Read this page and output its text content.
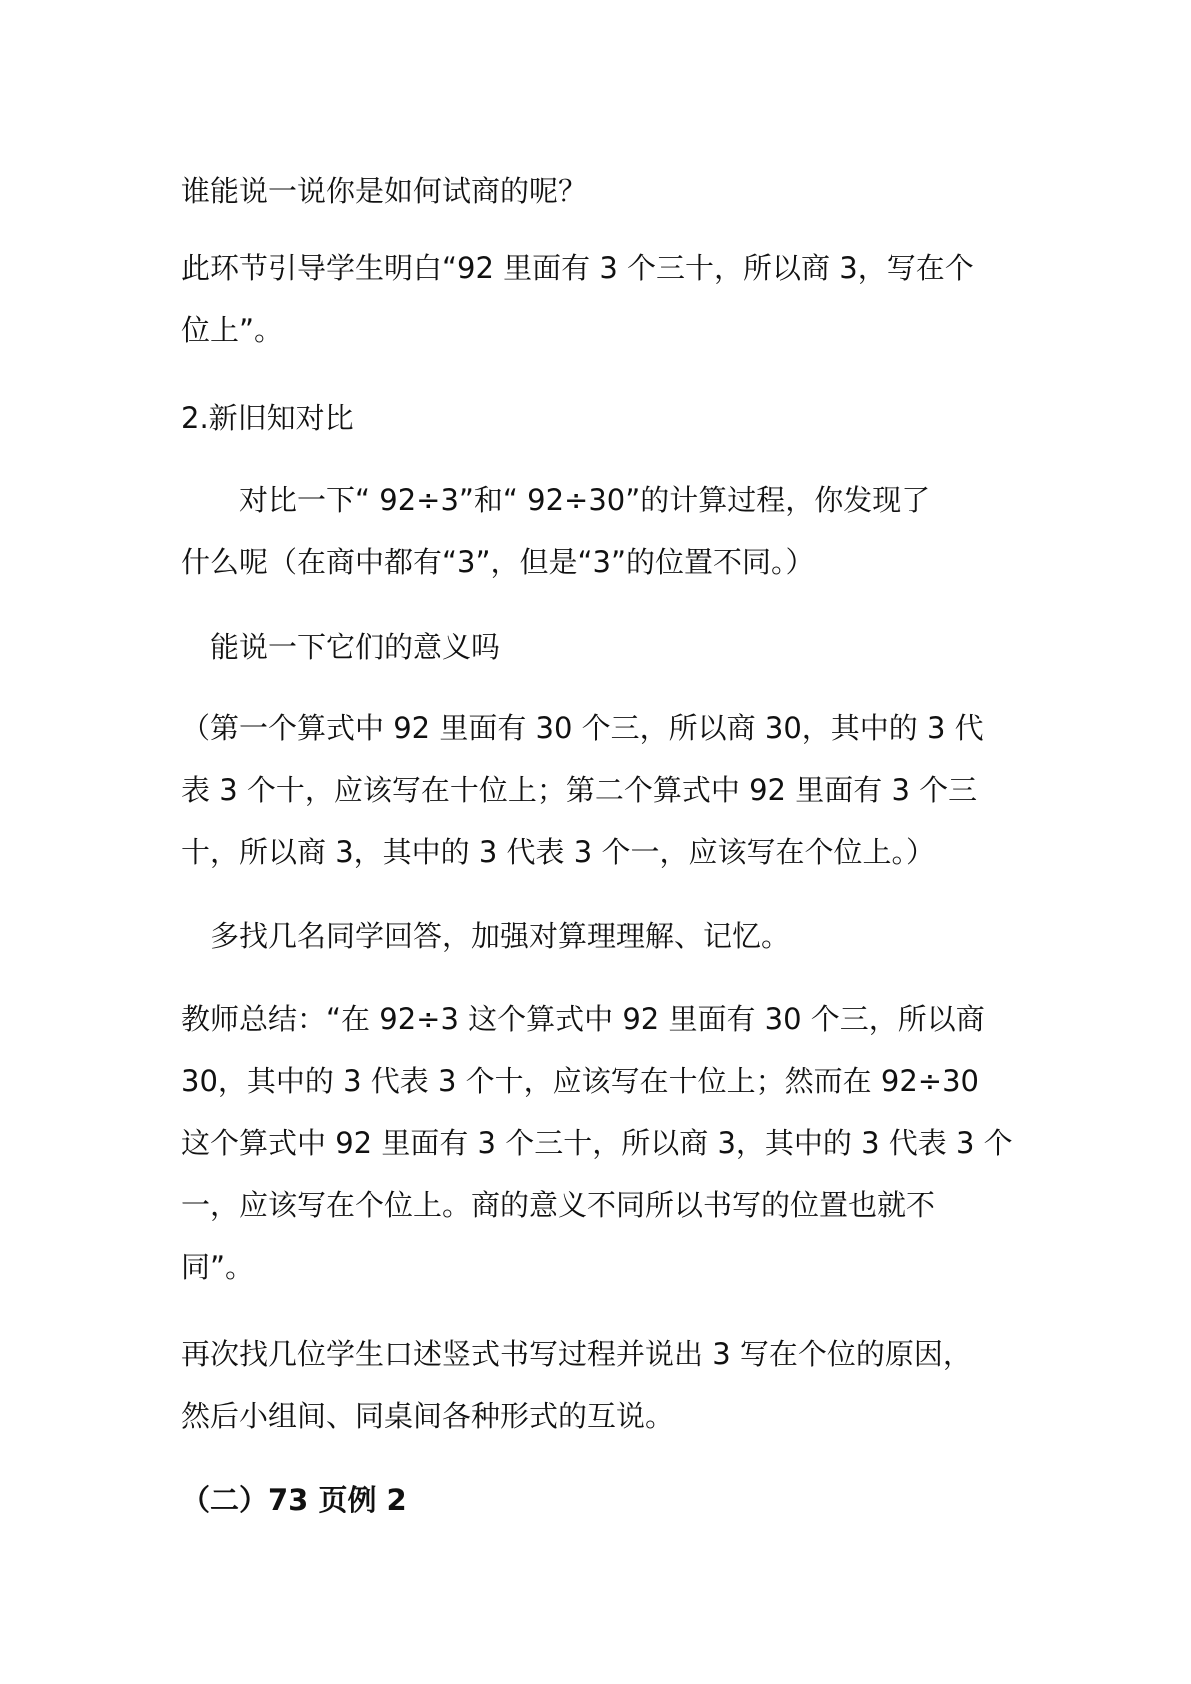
谁能说一说你是如何试商的呢？

此环节引导学生明白“92 里面有 3 个三十，所以商 3，写在个
位上”。

2.新旧知对比

　　对比一下“ 92÷3”和“ 92÷30”的计算过程，你发现了
什么呢（在商中都有“3”，但是“3”的位置不同。）

　能说一下它们的意义吗

（第一个算式中 92 里面有 30 个三，所以商 30，其中的 3 代
表 3 个十，应该写在十位上；第二个算式中 92 里面有 3 个三
十，所以商 3，其中的 3 代表 3 个一，应该写在个位上。）

　多找几名同学回答，加强对算理理解、记忆。

教师总结：“在 92÷3 这个算式中 92 里面有 30 个三，所以商
30，其中的 3 代表 3 个十，应该写在十位上；然而在 92÷30
这个算式中 92 里面有 3 个三十，所以商 3，其中的 3 代表 3 个
一，应该写在个位上。商的意义不同所以书写的位置也就不
同”。

再次找几位学生口述竖式书写过程并说出 3 写在个位的原因，
然后小组间、同桌间各种形式的互说。

（二）73 页例 2
